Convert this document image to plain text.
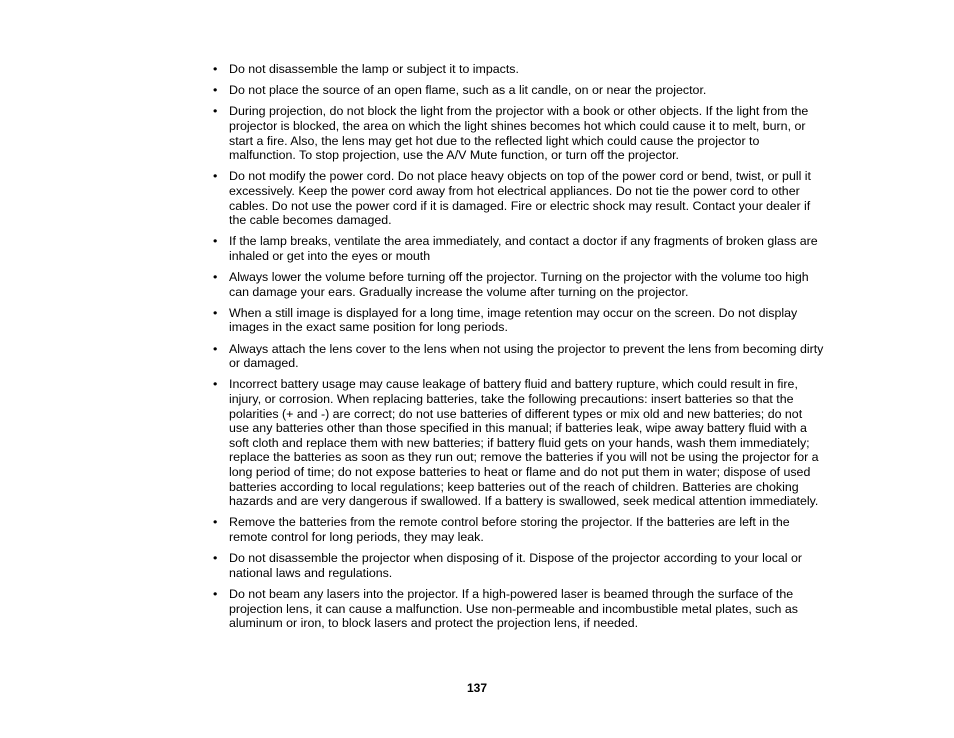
• Do not disassemble the lamp or subject it to impacts.
• Do not place the source of an open flame, such as a lit candle, on or near the projector.
• During projection, do not block the light from the projector with a book or other objects. If the light from the projector is blocked, the area on which the light shines becomes hot which could cause it to melt, burn, or start a fire. Also, the lens may get hot due to the reflected light which could cause the projector to malfunction. To stop projection, use the A/V Mute function, or turn off the projector.
• Do not modify the power cord. Do not place heavy objects on top of the power cord or bend, twist, or pull it excessively. Keep the power cord away from hot electrical appliances. Do not tie the power cord to other cables. Do not use the power cord if it is damaged. Fire or electric shock may result. Contact your dealer if the cable becomes damaged.
• If the lamp breaks, ventilate the area immediately, and contact a doctor if any fragments of broken glass are inhaled or get into the eyes or mouth
• Always lower the volume before turning off the projector. Turning on the projector with the volume too high can damage your ears. Gradually increase the volume after turning on the projector.
• When a still image is displayed for a long time, image retention may occur on the screen. Do not display images in the exact same position for long periods.
• Always attach the lens cover to the lens when not using the projector to prevent the lens from becoming dirty or damaged.
• Incorrect battery usage may cause leakage of battery fluid and battery rupture, which could result in fire, injury, or corrosion. When replacing batteries, take the following precautions: insert batteries so that the polarities (+ and -) are correct; do not use batteries of different types or mix old and new batteries; do not use any batteries other than those specified in this manual; if batteries leak, wipe away battery fluid with a soft cloth and replace them with new batteries; if battery fluid gets on your hands, wash them immediately; replace the batteries as soon as they run out; remove the batteries if you will not be using the projector for a long period of time; do not expose batteries to heat or flame and do not put them in water; dispose of used batteries according to local regulations; keep batteries out of the reach of children. Batteries are choking hazards and are very dangerous if swallowed. If a battery is swallowed, seek medical attention immediately.
• Remove the batteries from the remote control before storing the projector. If the batteries are left in the remote control for long periods, they may leak.
• Do not disassemble the projector when disposing of it. Dispose of the projector according to your local or national laws and regulations.
• Do not beam any lasers into the projector. If a high-powered laser is beamed through the surface of the projection lens, it can cause a malfunction. Use non-permeable and incombustible metal plates, such as aluminum or iron, to block lasers and protect the projection lens, if needed.
137
